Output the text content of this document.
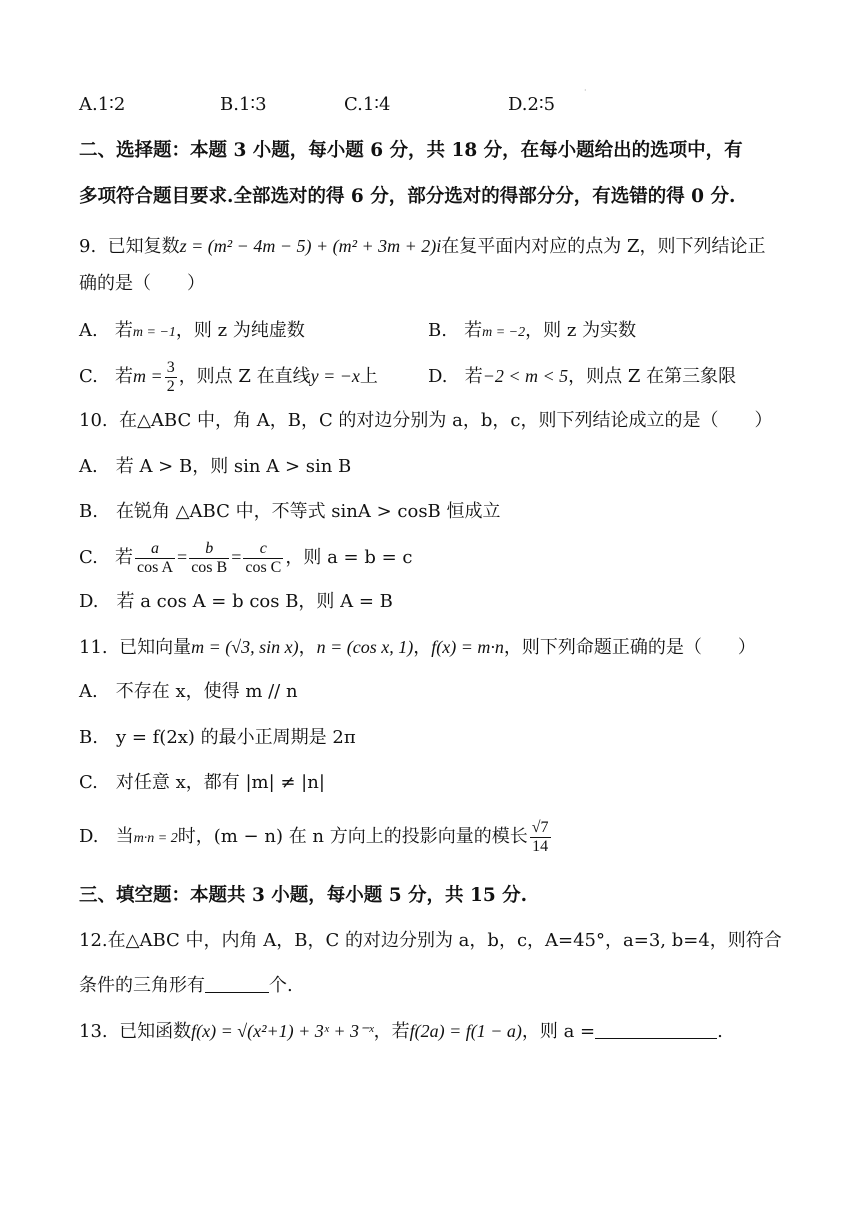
A.1∶2	B.1∶3	C.1∶4	D.2∶5
·
二、选择题：本题 3 小题，每小题 6 分，共 18 分，在每小题给出的选项中，有
多项符合题目要求.全部选对的得 6 分，部分选对的得部分分，有选错的得 0 分.
9. 已知复数z = (m² − 4m − 5) + (m² + 3m + 2)i在复平面内对应的点为 Z，则下列结论正
确的是（　　）
A. 若m = −1，则 z 为纯虚数	B. 若m = −2，则 z 为实数
C. 若$m = \frac{3}{2}$ ，则点 Z 在直线y = −x上	D. 若−2 < m < 5，则点 Z 在第三象限
10. 在△ABC 中，角 A，B，C 的对边分别为 a，b，c，则下列结论成立的是（　　）
A.　若 A > B，则 sin A > sin B
B.　在锐角 △ABC 中，不等式 sinA > cosB 恒成立
C. 若 $\frac{a}{\text{cos A}} = \frac{b}{\text{cos B}} = \frac{c}{\text{cos C}}$ ，则 a = b = c
D.　若 a cos A = b cos B，则 A = B
11. 已知向量m = (√3, sin x)，n = (cos x, 1)，f(x) = m·n，则下列命题正确的是（　　）
A.　不存在 x，使得 m // n
B.　y = f(2x) 的最小正周期是 2π
C.　对任意 x，都有 |m| ≠ |n|
D. 当m·n = 2时，(m − n) 在 n 方向上的投影向量的模长 $\frac{√7}{14}$
三、填空题：本题共 3 小题，每小题 5 分，共 15 分.
12.在△ABC 中，内角 A，B，C 的对边分别为 a，b，c，A=45°，a=3, b=4，则符合
条件的三角形有	个.
13. 已知函数f(x) = √(x²+1) + 3ˣ + 3⁻ˣ，若f(2a) = f(1 − a)，则 a =	.
